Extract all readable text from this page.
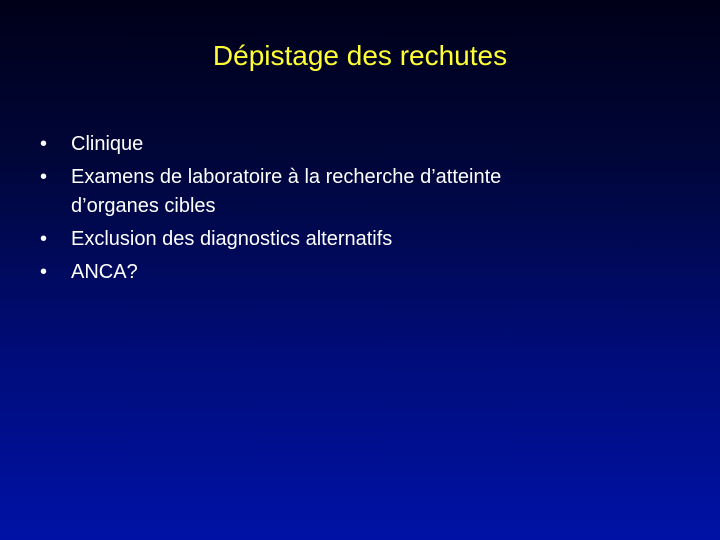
Dépistage des rechutes
• Clinique
• Examens de laboratoire à la recherche d’atteinte
d’organes cibles
• Exclusion des diagnostics alternatifs
• ANCA?
